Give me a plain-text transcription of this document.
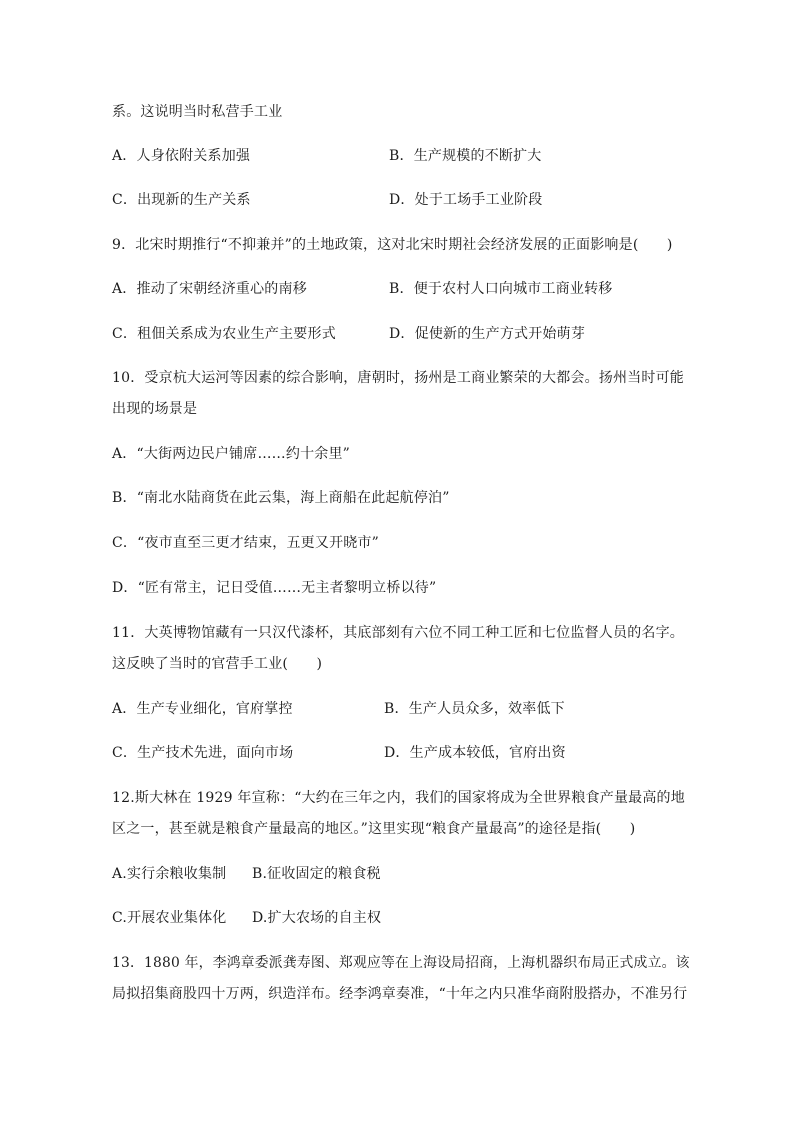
系。这说明当时私营手工业
A．人身依附关系加强	B．生产规模的不断扩大
C．出现新的生产关系	D．处于工场手工业阶段
9．北宋时期推行“不抑兼并”的土地政策，这对北宋时期社会经济发展的正面影响是(　　)
A．推动了宋朝经济重心的南移	B．便于农村人口向城市工商业转移
C．租佃关系成为农业生产主要形式	D．促使新的生产方式开始萌芽
10．受京杭大运河等因素的综合影响，唐朝时，扬州是工商业繁荣的大都会。扬州当时可能
出现的场景是
A．“大街两边民户铺席……约十余里”
B．“南北水陆商货在此云集，海上商船在此起航停泊”
C．“夜市直至三更才结束，五更又开晓市”
D．“匠有常主，记日受值……无主者黎明立桥以待”
11．大英博物馆藏有一只汉代漆杯，其底部刻有六位不同工种工匠和七位监督人员的名字。
这反映了当时的官营手工业(　　)
A．生产专业细化，官府掌控	B．生产人员众多，效率低下
C．生产技术先进，面向市场	D．生产成本较低，官府出资
12.斯大林在 1929 年宣称：“大约在三年之内，我们的国家将成为全世界粮食产量最高的地
区之一，甚至就是粮食产量最高的地区。”这里实现“粮食产量最高”的途径是指(　　)
A.实行余粮收集制 B.征收固定的粮食税
C.开展农业集体化 D.扩大农场的自主权
13．1880 年，李鸿章委派龚寿图、郑观应等在上海设局招商，上海机器织布局正式成立。该
局拟招集商股四十万两，织造洋布。经李鸿章奏准，“十年之内只准华商附股搭办，不准另行
